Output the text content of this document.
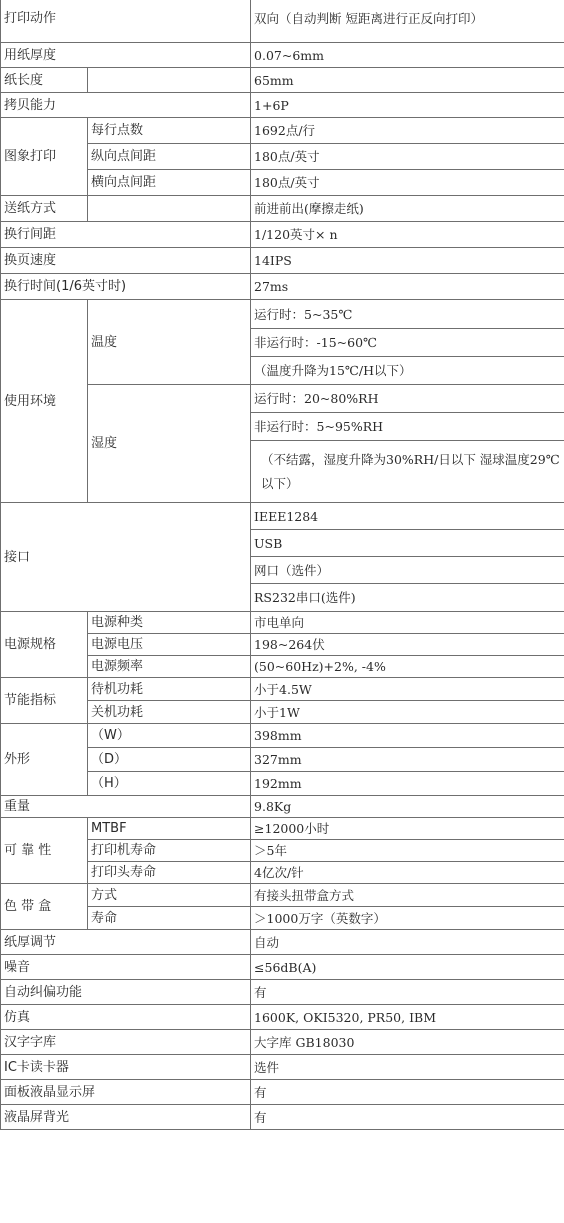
打印动作		双向（自动判断 短距离进行正反向打印）
用纸厚度		0.07~6mm
纸长度		65mm
拷贝能力		1+6P
图象打印	每行点数	1692点/行
	纵向点间距	180点/英寸
	横向点间距	180点/英寸
送纸方式		前进前出(摩擦走纸)
换行间距		1/120英寸× n
换页速度		14IPS
换行时间(1/6英寸时)		27ms
使用环境	温度	运行时：5~35℃
		非运行时：-15~60℃
		（温度升降为15℃/H以下）
	湿度	运行时：20~80%RH
		非运行时：5~95%RH
		（不结露，湿度升降为30%RH/日以下 湿球温度29℃以下）
接口		IEEE1284
		USB
		网口（选件）
		RS232串口(选件)
电源规格	电源种类	市电单向
	电源电压	198~264伏
	电源频率	(50~60Hz)+2%, -4%
节能指标	待机功耗	小于4.5W
	关机功耗	小于1W
外形	（W）	398mm
	（D）	327mm
	（H）	192mm
重量		9.8Kg
可 靠 性	MTBF	≥12000小时
	打印机寿命	＞5年
	打印头寿命	4亿次/针
色 带 盒	方式	有接头扭带盒方式
	寿命	＞1000万字（英数字）
纸厚调节		自动
噪音		≤56dB(A)
自动纠偏功能		有
仿真		1600K, OKI5320, PR50, IBM
汉字字库		大字库 GB18030
IC卡读卡器		选件
面板液晶显示屏		有
液晶屏背光		有
